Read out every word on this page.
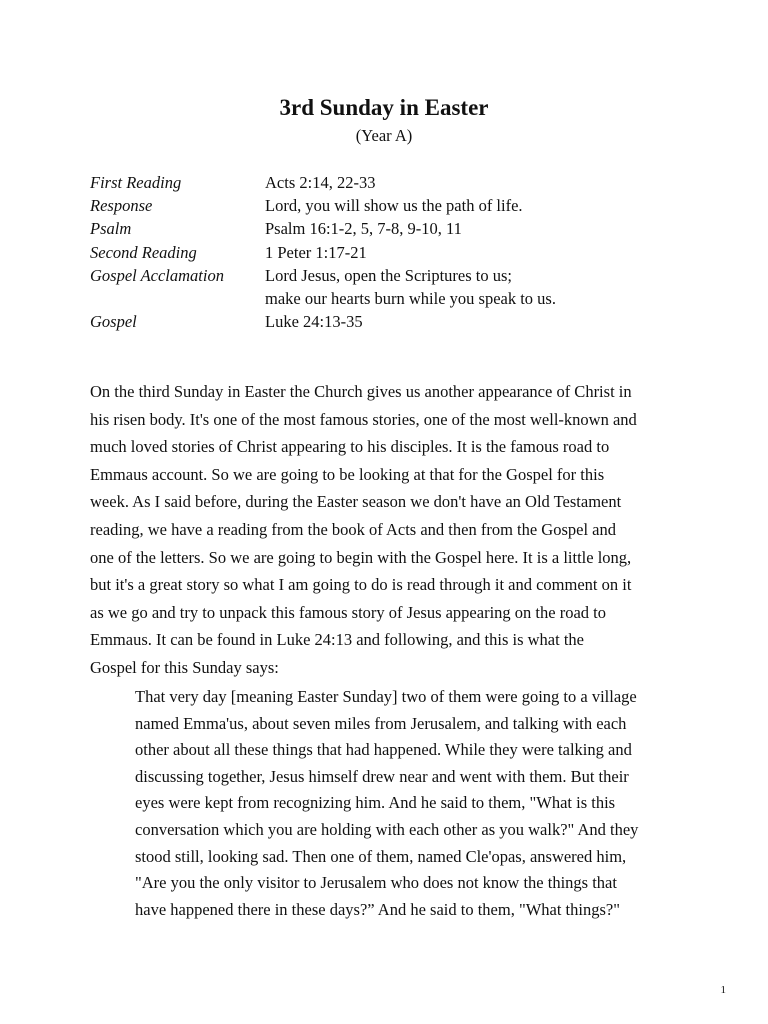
3rd Sunday in Easter
(Year A)
First Reading	Acts 2:14, 22-33
Response	Lord, you will show us the path of life.
Psalm	Psalm 16:1-2, 5, 7-8, 9-10, 11
Second Reading	1 Peter 1:17-21
Gospel Acclamation	Lord Jesus, open the Scriptures to us;
make our hearts burn while you speak to us.
Gospel	Luke 24:13-35
On the third Sunday in Easter the Church gives us another appearance of Christ in
his risen body. It's one of the most famous stories, one of the most well-known and
much loved stories of Christ appearing to his disciples. It is the famous road to
Emmaus account. So we are going to be looking at that for the Gospel for this
week. As I said before, during the Easter season we don't have an Old Testament
reading, we have a reading from the book of Acts and then from the Gospel and
one of the letters. So we are going to begin with the Gospel here. It is a little long,
but it's a great story so what I am going to do is read through it and comment on it
as we go and try to unpack this famous story of Jesus appearing on the road to
Emmaus. It can be found in Luke 24:13 and following, and this is what the
Gospel for this Sunday says:
That very day [meaning Easter Sunday] two of them were going to a village
named Emma'us, about seven miles from Jerusalem, and talking with each
other about all these things that had happened. While they were talking and
discussing together, Jesus himself drew near and went with them. But their
eyes were kept from recognizing him. And he said to them, "What is this
conversation which you are holding with each other as you walk?" And they
stood still, looking sad. Then one of them, named Cle'opas, answered him,
"Are you the only visitor to Jerusalem who does not know the things that
have happened there in these days?” And he said to them, "What things?"
1
